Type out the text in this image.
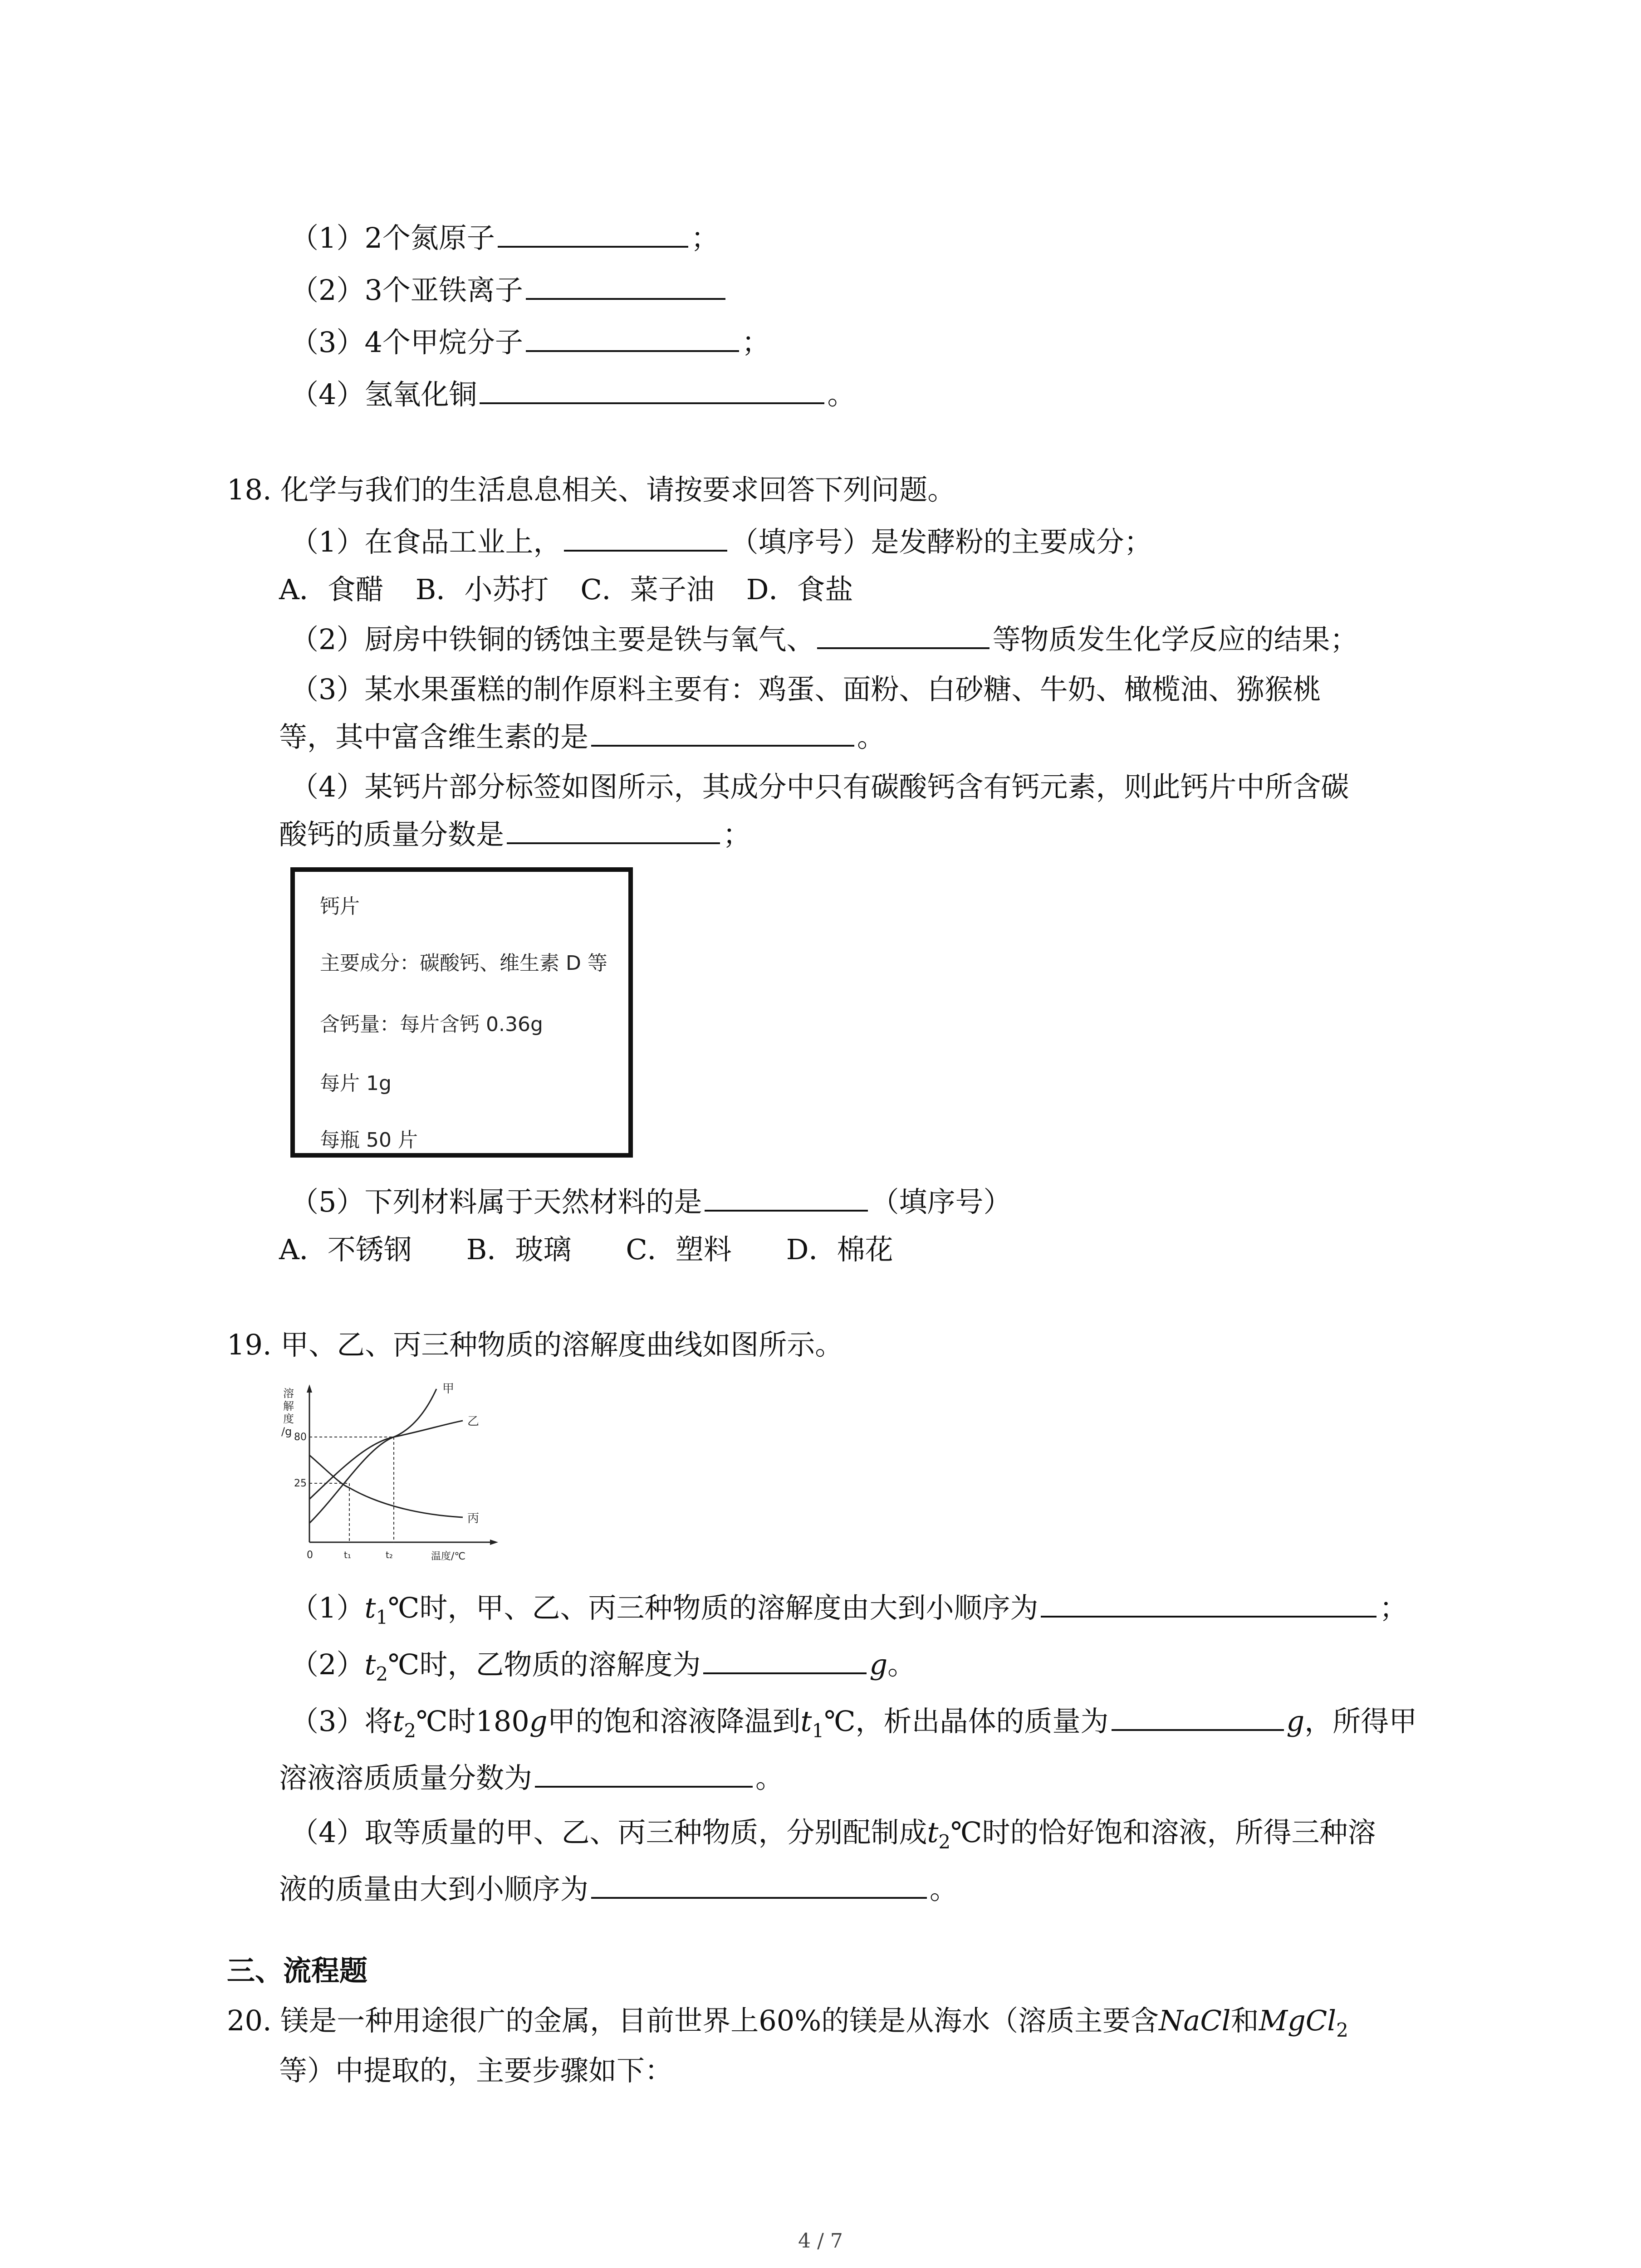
（1）2个氮原子	；
（2）3个亚铁离子
（3）4个甲烷分子	；
（4）氢氧化铜	。
18. 化学与我们的生活息息相关、请按要求回答下列问题。
（1）在食品工业上，	（填序号）是发酵粉的主要成分；
A．食醋 B．小苏打 C．菜子油 D．食盐
（2）厨房中铁铜的锈蚀主要是铁与氧气、	等物质发生化学反应的结果；
（3）某水果蛋糕的制作原料主要有：鸡蛋、面粉、白砂糖、牛奶、橄榄油、猕猴桃
等，其中富含维生素的是	。
（4）某钙片部分标签如图所示，其成分中只有碳酸钙含有钙元素，则此钙片中所含碳
酸钙的质量分数是	；
钙片
主要成分：碳酸钙、维生素 D 等
含钙量：每片含钙 0.36g
每片 1g
每瓶 50 片
（5）下列材料属于天然材料的是	（填序号）
A．不锈钢 B．玻璃 C．塑料 D．棉花
19. 甲、乙、丙三种物质的溶解度曲线如图所示。
溶 解 度 /g 80
25
0	t₁	t₂	温度/℃
甲
乙
丙
$(1)t_1℃$时，甲、乙、丙三种物质的溶解度由大到小顺序为	；
$(2)t_2℃$时，乙物质的溶解度为	g。
（3）将$t_2℃$时180g甲的饱和溶液降温到$t_1℃$，析出晶体的质量为	g，所得甲
溶液溶质质量分数为	。
（4）取等质量的甲、乙、丙三种物质，分别配制成$t_2℃$时的恰好饱和溶液，所得三种溶
液的质量由大到小顺序为	。
三、流程题
20. 镁是一种用途很广的金属，目前世界上60%的镁是从海水（溶质主要含NaCl和MgCl$_2$
等）中提取的，主要步骤如下：
4 / 7
